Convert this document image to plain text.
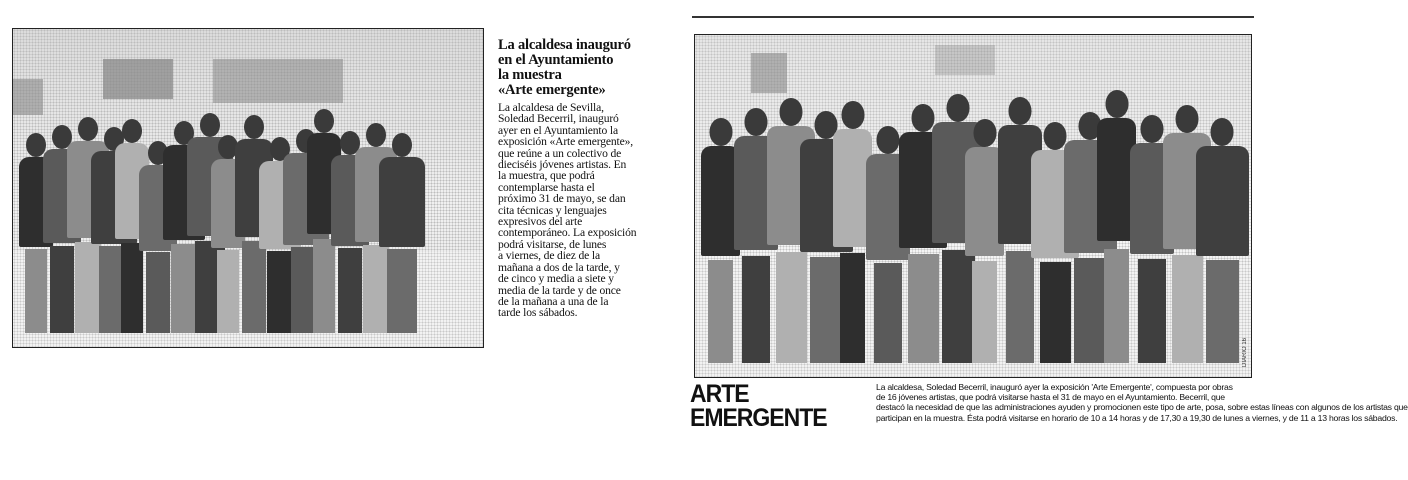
La alcaldesa inauguró
en el Ayuntamiento
la muestra
«Arte emergente»

La alcaldesa de Sevilla,
Soledad Becerril, inauguró
ayer en el Ayuntamiento la
exposición «Arte emergente»,
que reúne a un colectivo de
dieciséis jóvenes artistas. En
la muestra, que podrá
contemplarse hasta el
próximo 31 de mayo, se dan
cita técnicas y lenguajes
expresivos del arte
contemporáneo. La exposición
podrá visitarse, de lunes
a viernes, de diez de la
mañana a dos de la tarde, y
de cinco y media a siete y
media de la tarde y de once
de la mañana a una de la
tarde los sábados.

DIARIO 16
ARTE EMERGENTE

La alcaldesa, Soledad Becerril, inauguró ayer la exposición 'Arte Emergente', compuesta por obras
de 16 jóvenes artistas, que podrá visitarse hasta el 31 de mayo en el Ayuntamiento. Becerril, que
destacó la necesidad de que las administraciones ayuden y promocionen este tipo de arte, posa, sobre estas líneas con algunos de los artistas que
participan en la muestra. Ésta podrá visitarse en horario de 10 a 14 horas y de 17,30 a 19,30 de lunes a viernes, y de 11 a 13 horas los sábados.
